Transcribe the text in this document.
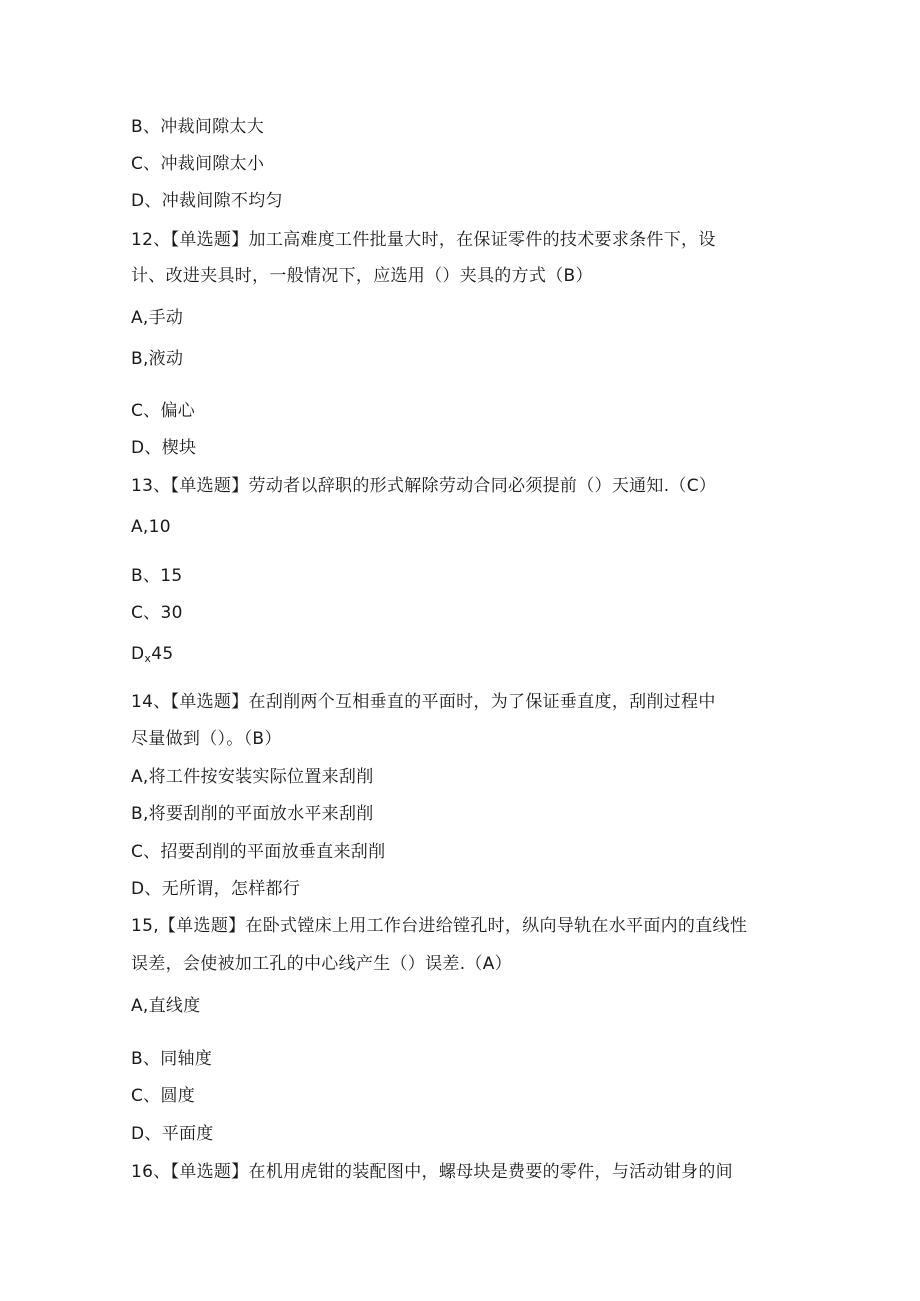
B、冲裁间隙太大
C、冲裁间隙太小
D、冲裁间隙不均匀
12、【单选题】加工高难度工件批量大时，在保证零件的技术要求条件下，设
计、改进夹具时，一般情况下，应选用（）夹具的方式（B）
A,手动
B,液动
C、偏心
D、楔块
13、【单选题】劳动者以辞职的形式解除劳动合同必须提前（）天通知.（C）
A,10
B、15
C、30
$D_x45$
14、【单选题】在刮削两个互相垂直的平面时，为了保证垂直度，刮削过程中
尽量做到（）。（B）
A,将工件按安装实际位置来刮削
B,将要刮削的平面放水平来刮削
C、招要刮削的平面放垂直来刮削
D、无所谓，怎样都行
15,【单选题】在卧式镗床上用工作台进给镗孔时，纵向导轨在水平面内的直线性
误差，会使被加工孔的中心线产生（）误差.（A）
A,直线度
B、同轴度
C、圆度
D、平面度
16、【单选题】在机用虎钳的装配图中，螺母块是费要的零件，与活动钳身的间
